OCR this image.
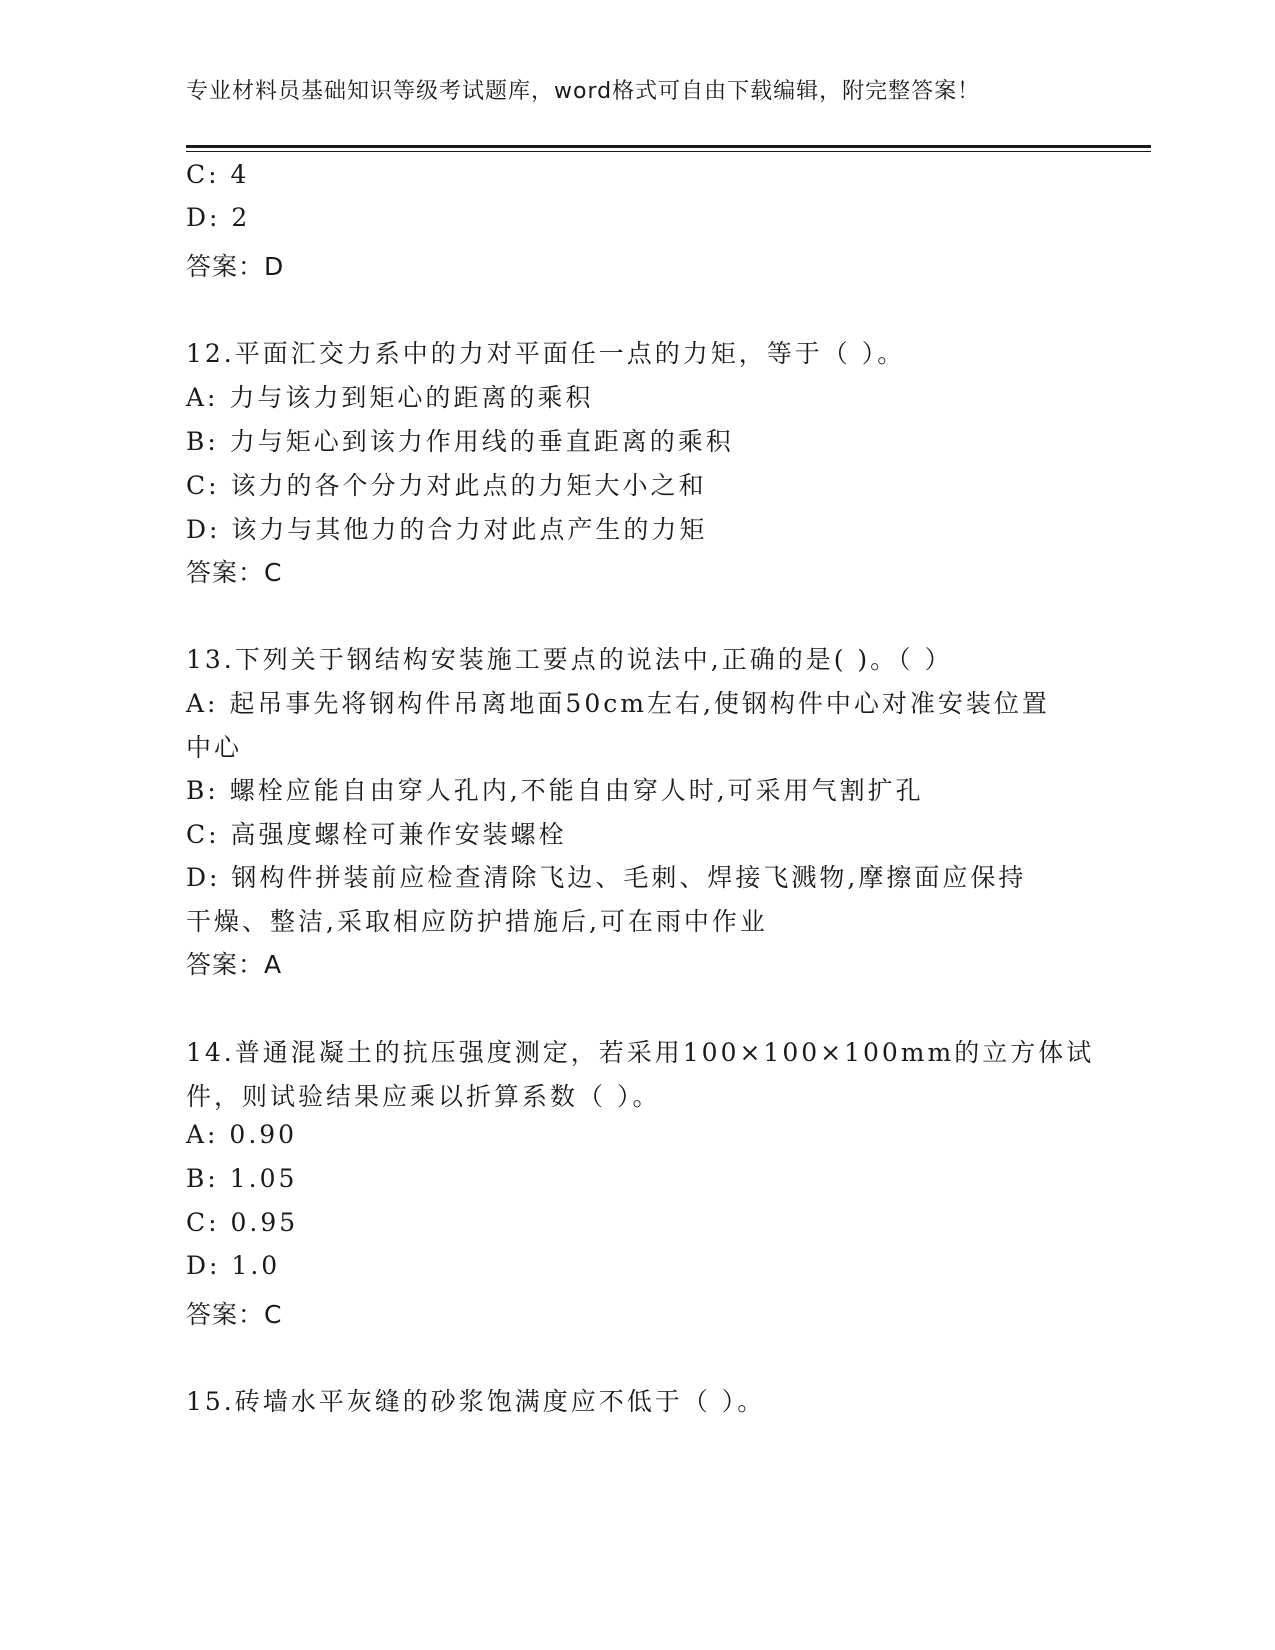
专业材料员基础知识等级考试题库，word格式可自由下载编辑，附完整答案！
C: 4
D: 2
答案：D
12.平面汇交力系中的力对平面任一点的力矩，等于（ ）。
A: 力与该力到矩心的距离的乘积
B: 力与矩心到该力作用线的垂直距离的乘积
C: 该力的各个分力对此点的力矩大小之和
D: 该力与其他力的合力对此点产生的力矩
答案：C
13.下列关于钢结构安装施工要点的说法中,正确的是( )。（ ）
A: 起吊事先将钢构件吊离地面50cm左右,使钢构件中心对准安装位置
中心
B: 螺栓应能自由穿人孔内,不能自由穿人时,可采用气割扩孔
C: 高强度螺栓可兼作安装螺栓
D: 钢构件拼装前应检查清除飞边、毛刺、焊接飞溅物,摩擦面应保持
干燥、整洁,采取相应防护措施后,可在雨中作业
答案：A
14.普通混凝土的抗压强度测定，若采用100×100×100mm的立方体试
件，则试验结果应乘以折算系数（ ）。
A: 0.90
B: 1.05
C: 0.95
D: 1.0
答案：C
15.砖墙水平灰缝的砂浆饱满度应不低于（ ）。
